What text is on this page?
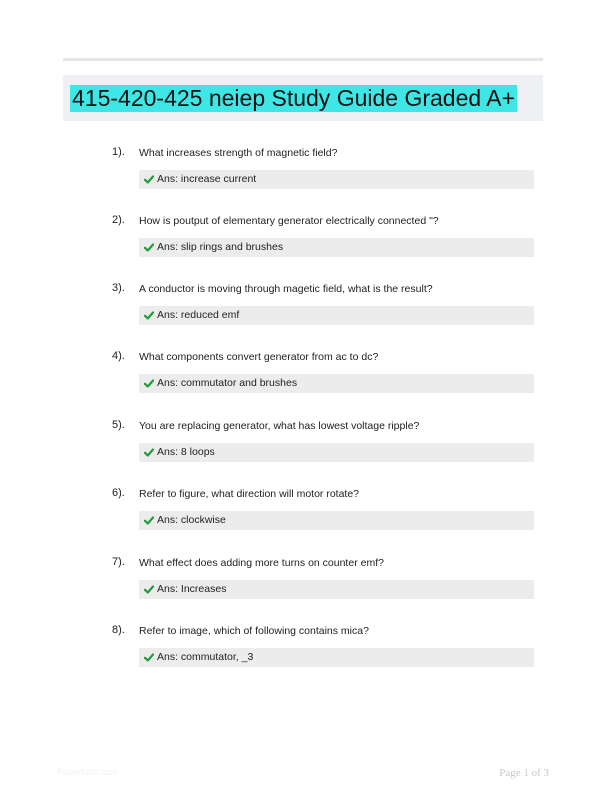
415-420-425 neiep Study Guide Graded A+
1). What increases strength of magnetic field?
Ans: increase current
2). How is poutput of elementary generator electrically connected "?
Ans: slip rings and brushes
3). A conductor is moving through magetic field, what is the result?
Ans: reduced emf
4). What components convert generator from ac to dc?
Ans: commutator and brushes
5). You are replacing generator, what has lowest voltage ripple?
Ans: 8 loops
6). Refer to figure, what direction will motor rotate?
Ans: clockwise
7). What effect does adding more turns on counter emf?
Ans: Increases
8). Refer to image, which of following contains mica?
Ans: commutator, _3
Papertutor.com	Page 1 of 3
